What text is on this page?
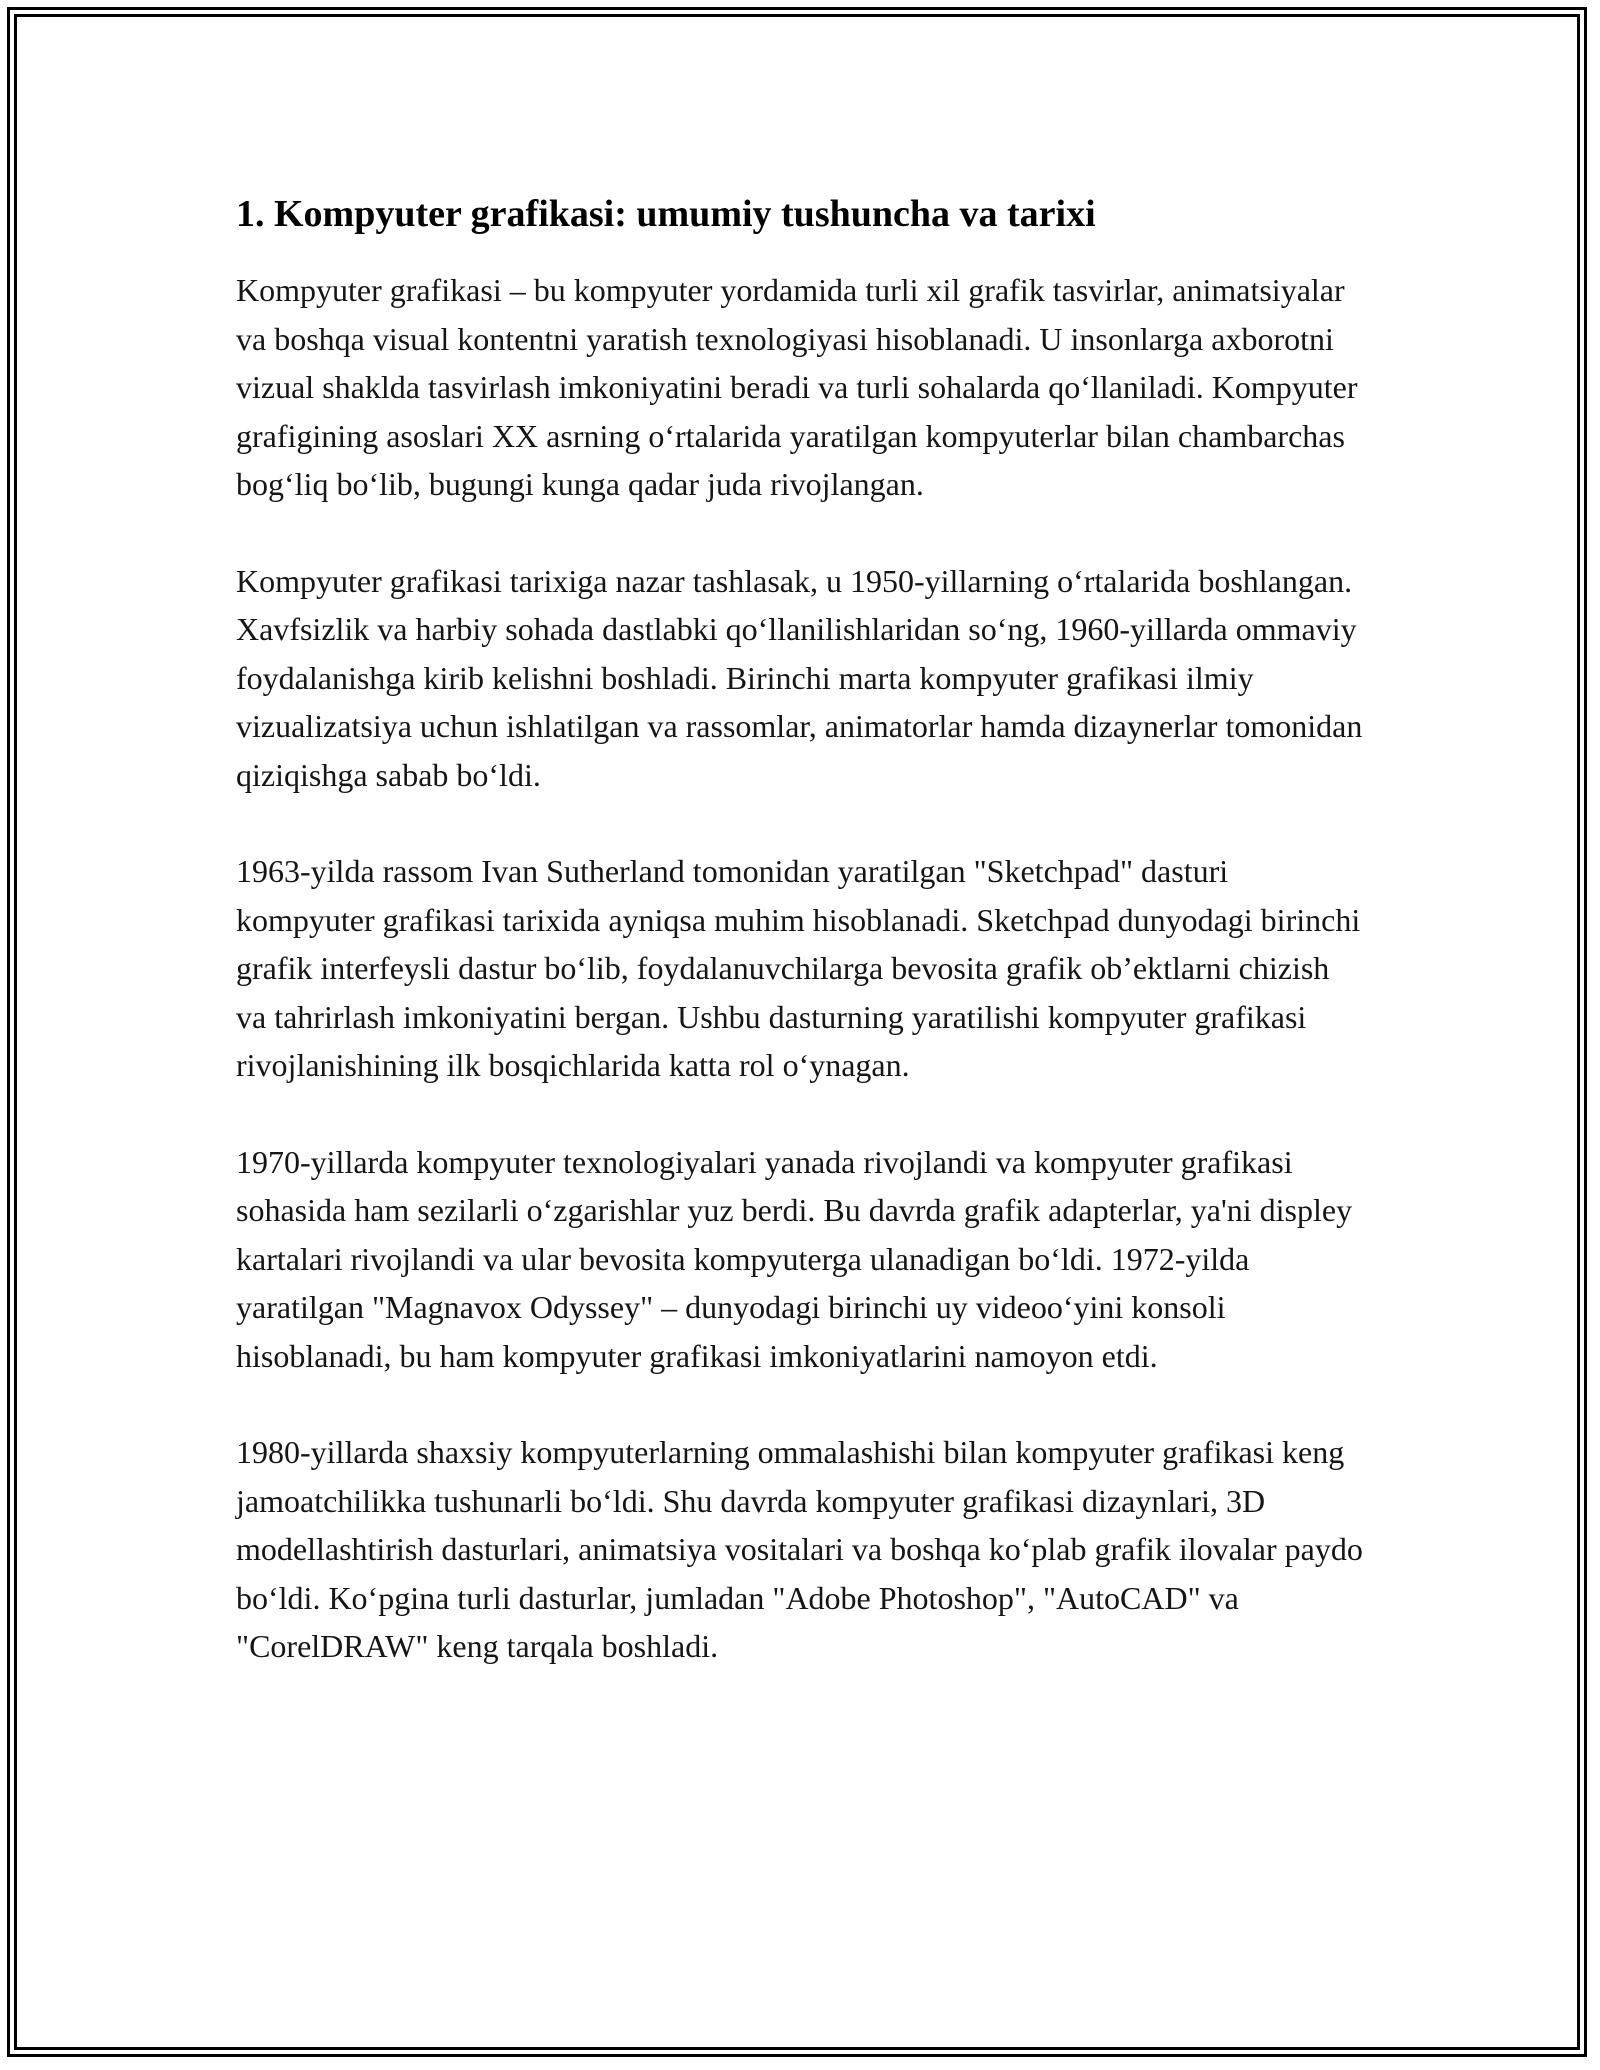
1. Kompyuter grafikasi: umumiy tushuncha va tarixi

Kompyuter grafikasi – bu kompyuter yordamida turli xil grafik tasvirlar, animatsiyalar va boshqa visual kontentni yaratish texnologiyasi hisoblanadi. U insonlarga axborotni vizual shaklda tasvirlash imkoniyatini beradi va turli sohalarda qoʻllaniladi. Kompyuter grafigining asoslari XX asrning oʻrtalarida yaratilgan kompyuterlar bilan chambarchas bogʻliq boʻlib, bugungi kunga qadar juda rivojlangan.

Kompyuter grafikasi tarixiga nazar tashlasak, u 1950-yillarning oʻrtalarida boshlangan. Xavfsizlik va harbiy sohada dastlabki qoʻllanilishlaridan soʻng, 1960-yillarda ommaviy foydalanishga kirib kelishni boshladi. Birinchi marta kompyuter grafikasi ilmiy vizualizatsiya uchun ishlatilgan va rassomlar, animatorlar hamda dizaynerlar tomonidan qiziqishga sabab boʻldi.

1963-yilda rassom Ivan Sutherland tomonidan yaratilgan "Sketchpad" dasturi kompyuter grafikasi tarixida ayniqsa muhim hisoblanadi. Sketchpad dunyodagi birinchi grafik interfeysli dastur boʻlib, foydalanuvchilarga bevosita grafik obʼektlarni chizish va tahrirlash imkoniyatini bergan. Ushbu dasturning yaratilishi kompyuter grafikasi rivojlanishining ilk bosqichlarida katta rol oʻynagan.

1970-yillarda kompyuter texnologiyalari yanada rivojlandi va kompyuter grafikasi sohasida ham sezilarli oʻzgarishlar yuz berdi. Bu davrda grafik adapterlar, ya'ni displey kartalari rivojlandi va ular bevosita kompyuterga ulanadigan boʻldi. 1972-yilda yaratilgan "Magnavox Odyssey" – dunyodagi birinchi uy videooʻyini konsoli hisoblanadi, bu ham kompyuter grafikasi imkoniyatlarini namoyon etdi.

1980-yillarda shaxsiy kompyuterlarning ommalashishi bilan kompyuter grafikasi keng jamoatchilikka tushunarli boʻldi. Shu davrda kompyuter grafikasi dizaynlari, 3D modellashtirish dasturlari, animatsiya vositalari va boshqa koʻplab grafik ilovalar paydo boʻldi. Koʻpgina turli dasturlar, jumladan "Adobe Photoshop", "AutoCAD" va "CorelDRAW" keng tarqala boshladi.
